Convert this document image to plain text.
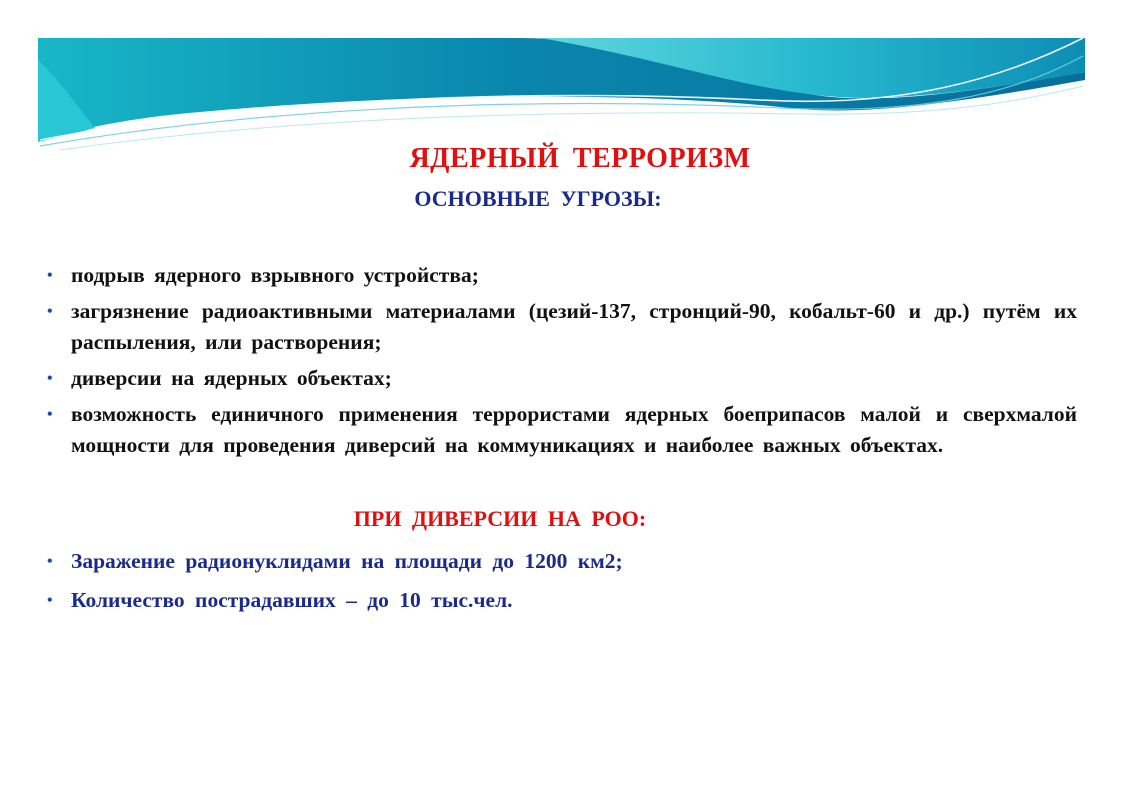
ЯДЕРНЫЙ ТЕРРОРИЗМ
ОСНОВНЫЕ УГРОЗЫ:
• подрыв ядерного взрывного устройства;
• загрязнение радиоактивными материалами (цезий-137, стронций-90, кобальт-60 и др.) путём их распыления, или растворения;
• диверсии на ядерных объектах;
• возможность единичного применения террористами ядерных боеприпасов малой и сверхмалой мощности для проведения диверсий на коммуникациях и наиболее важных объектах.
ПРИ ДИВЕРСИИ НА РОО:
• Заражение радионуклидами на площади до 1200 км2;
• Количество пострадавших – до 10 тыс.чел.
